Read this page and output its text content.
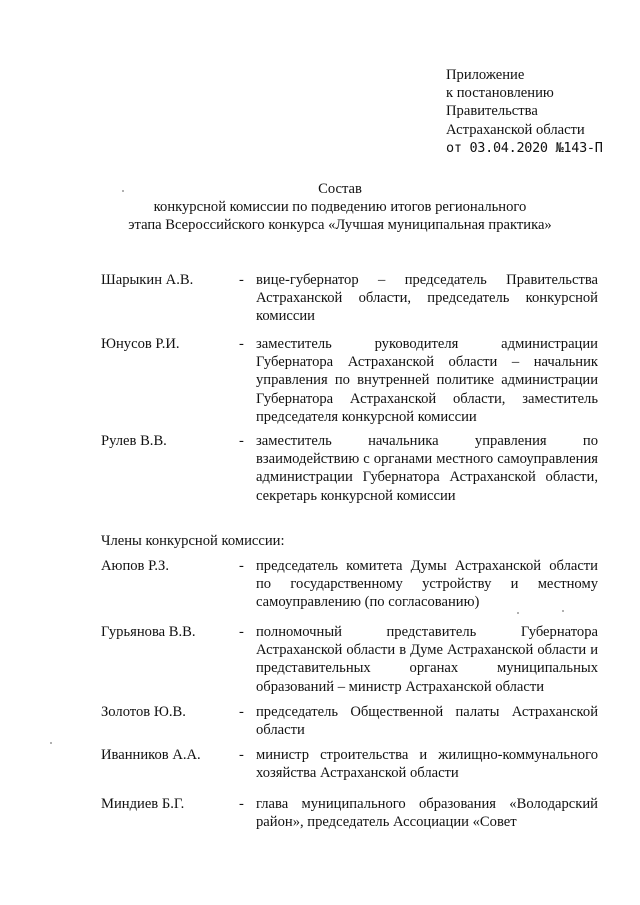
Приложение
к постановлению
Правительства
Астраханской области
от 03.04.2020 №143-П
Состав
конкурсной комиссии по подведению итогов регионального
этапа Всероссийского конкурса «Лучшая муниципальная практика»
Шарыкин А.В.	- вице-губернатор – председатель Правительства Астраханской области, председатель конкурсной комиссии
Юнусов Р.И.	- заместитель руководителя администрации Губернатора Астраханской области – начальник управления по внутренней политике администрации Губернатора Астраханской области, заместитель председателя конкурсной комиссии
Рулев В.В.	- заместитель начальника управления по взаимодействию с органами местного самоуправления администрации Губернатора Астраханской области, секретарь конкурсной комиссии
Члены конкурсной комиссии:
Аюпов Р.З.	- председатель комитета Думы Астраханской области по государственному устройству и местному самоуправлению (по согласованию)
Гурьянова В.В.	- полномочный представитель Губернатора Астраханской области в Думе Астраханской области и представительных органах муниципальных образований – министр Астраханской области
Золотов Ю.В.	- председатель Общественной палаты Астраханской области
Иванников А.А.	- министр строительства и жилищно-коммунального хозяйства Астраханской области
Миндиев Б.Г.	- глава муниципального образования «Володарский район», председатель Ассоциации «Совет
